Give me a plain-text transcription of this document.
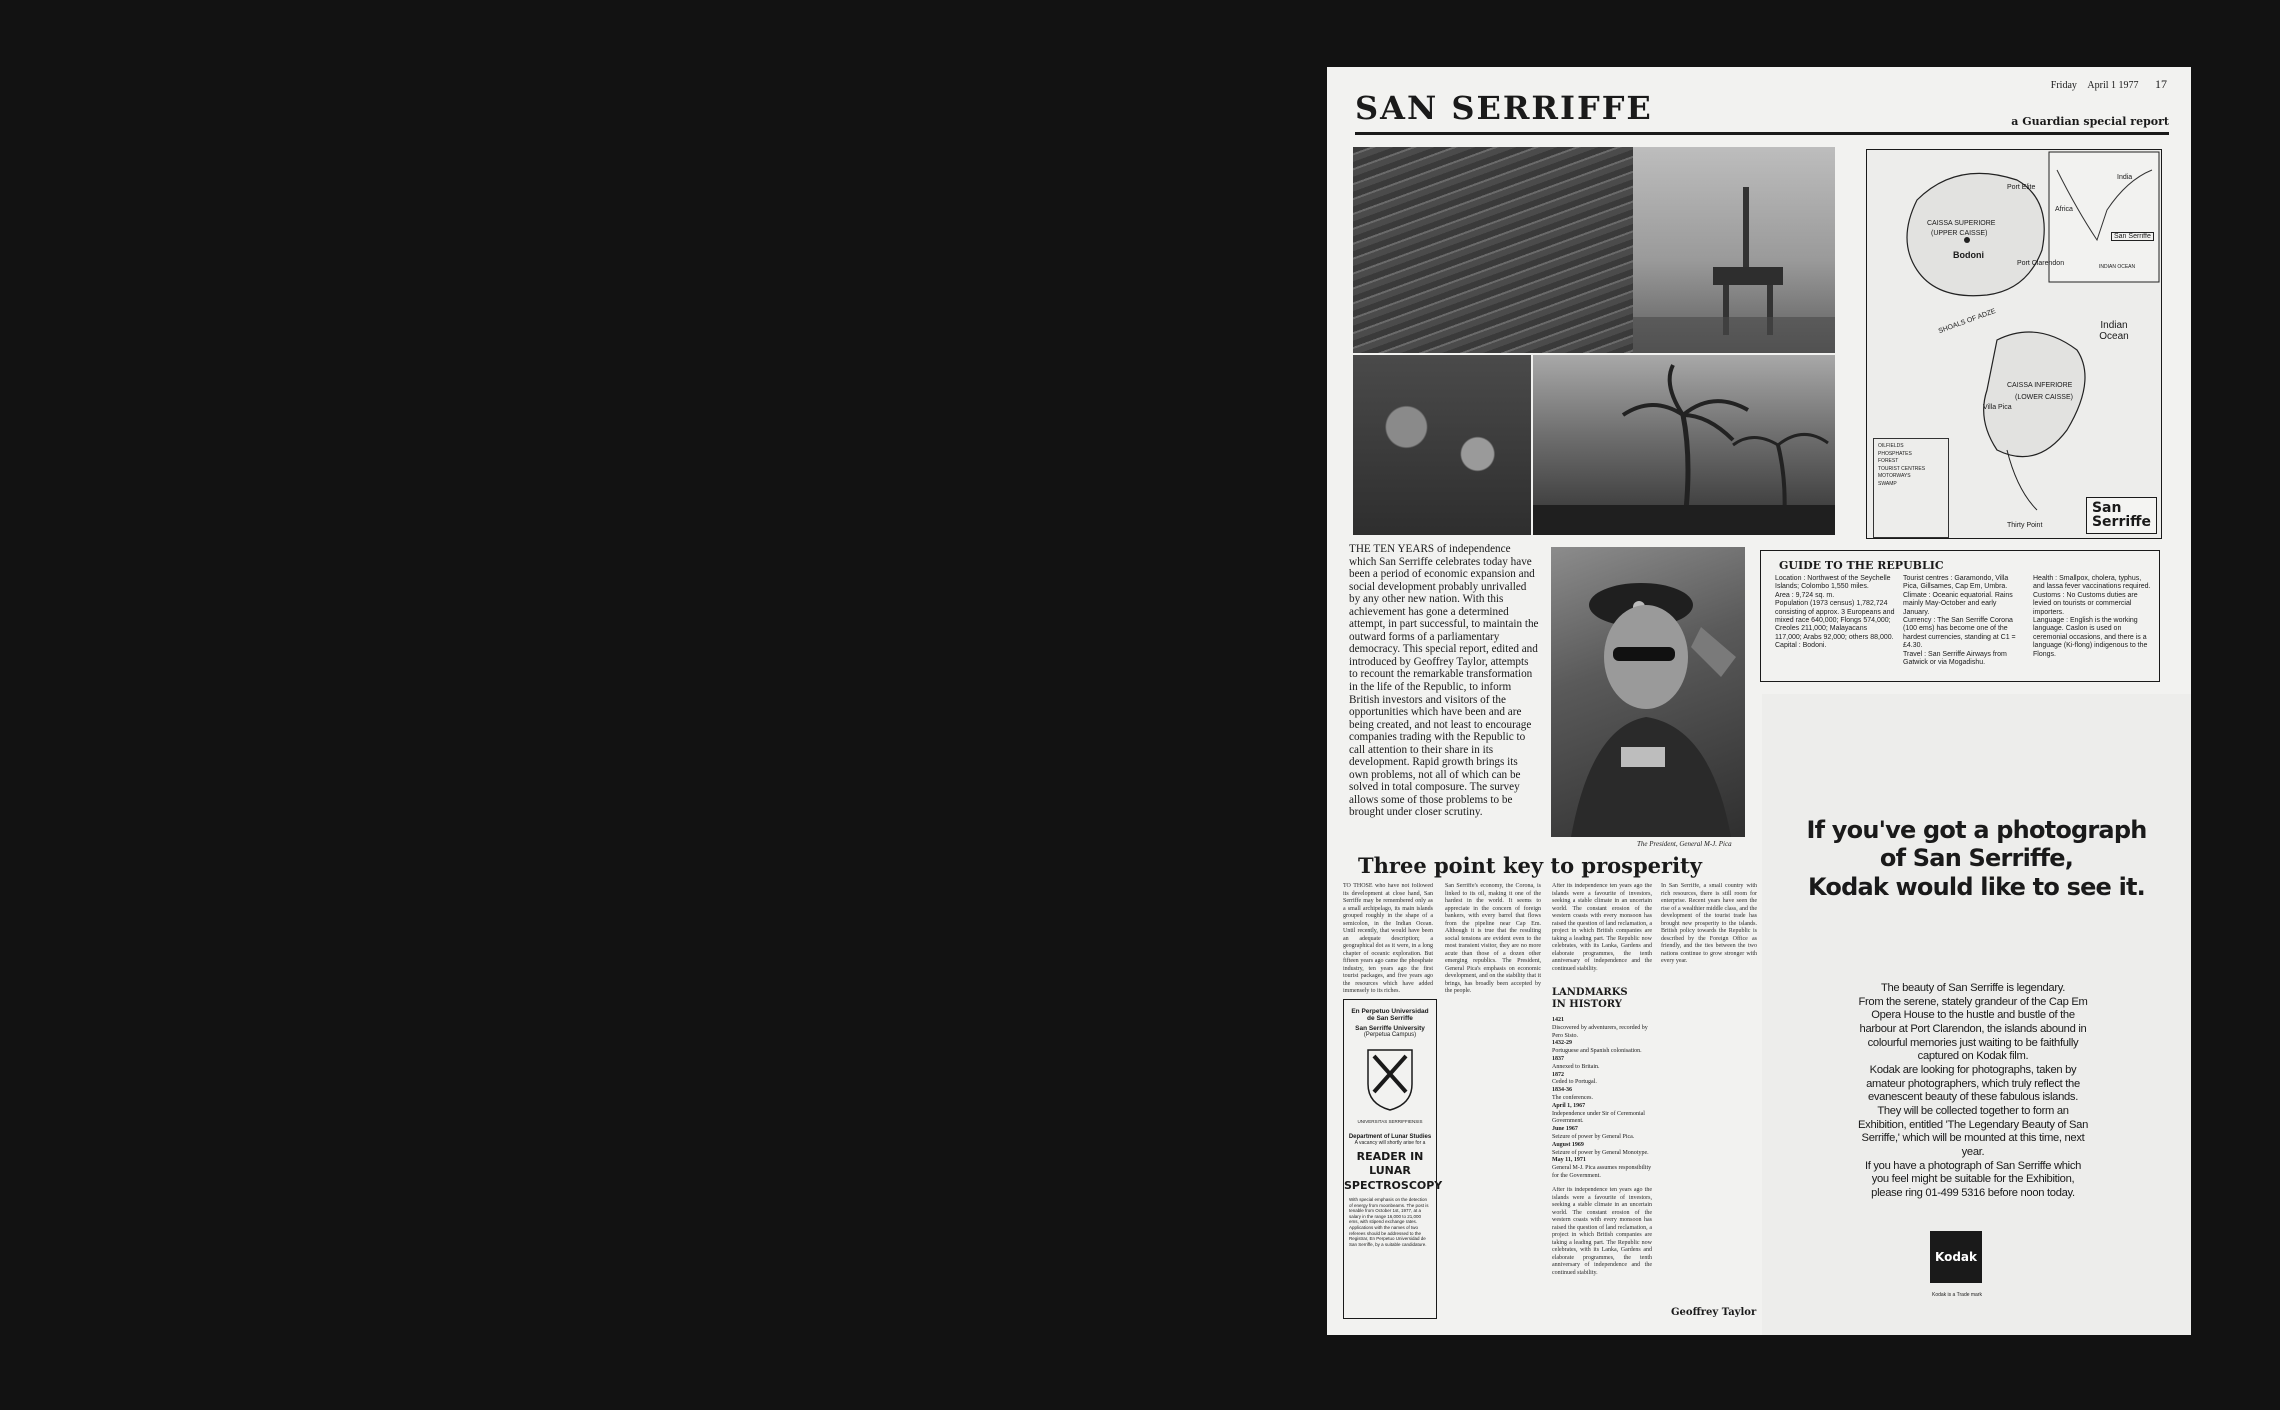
Friday April 1 1977 17
SAN SERRIFFE	a Guardian special report
CAISSA SUPERIORE
(UPPER CAISSE)
Bodoni
Port Elite
Port Clarendon
Africa
India
San Serriffe
INDIAN OCEAN
Indian Ocean
SHOALS OF ADZE
CAISSA INFERIORE
(LOWER CAISSE)
Villa Pica
Thirty Point
OILFIELDS
PHOSPHATES
FOREST
TOURIST CENTRES
MOTORWAYS
SWAMP
San
Serriffe
THE TEN YEARS of independence which San Serriffe celebrates today have been a period of economic expansion and social development probably unrivalled by any other new nation. With this achievement has gone a determined attempt, in part successful, to maintain the outward forms of a parliamentary democracy. This special report, edited and introduced by Geoffrey Taylor, attempts to recount the remarkable transformation in the life of the Republic, to inform British investors and visitors of the opportunities which have been and are being created, and not least to encourage companies trading with the Republic to call attention to their share in its development. Rapid growth brings its own problems, not all of which can be solved in total composure. The survey allows some of those problems to be brought under closer scrutiny.
The President, General M-J. Pica
GUIDE TO THE REPUBLIC
Location : Northwest of the Seychelle Islands; Colombo 1,550 miles.
Area : 9,724 sq. m.
Population (1973 census) 1,782,724 consisting of approx. 3 Europeans and mixed race 640,000; Flongs 574,000; Creoles 211,000; Malayacans 117,000; Arabs 92,000; others 88,000.
Capital : Bodoni.
Tourist centres : Garamondo, Villa Pica, Gillsames, Cap Em, Umbra.
Climate : Oceanic equatorial. Rains mainly May-October and early January.
Currency : The San Serriffe Corona (100 ems) has become one of the hardest currencies, standing at C1 = £4.30.
Travel : San Serriffe Airways from Gatwick or via Mogadishu.
Health : Smallpox, cholera, typhus, and lassa fever vaccinations required.
Customs : No Customs duties are levied on tourists or commercial importers.
Language : English is the working language. Caslon is used on ceremonial occasions, and there is a language (Ki-flong) indigenous to the Flongs.
Three point key to prosperity
TO THOSE who have not followed its development at close hand, San Serriffe may be remembered only as a small archipelago, its main islands grouped roughly in the shape of a semicolon, in the Indian Ocean. Until recently, that would have been an adequate description; a geographical dot as it were, in a long chapter of oceanic exploration. But fifteen years ago came the phosphate industry, ten years ago the first tourist packages, and five years ago the resources which have added immensely to its riches.
San Serriffe's economy, the Corona, is linked to its oil, making it one of the hardest in the world. It seems to appreciate in the concern of foreign bankers, with every barrel that flows from the pipeline near Cap Em. Although it is true that the resulting social tensions are evident even to the most transient visitor, they are no more acute than those of a dozen other emerging republics. The President, General Pica's emphasis on economic development, and on the stability that it brings, has broadly been accepted by the people.
After its independence ten years ago the islands were a favourite of investors, seeking a stable climate in an uncertain world. The constant erosion of the western coasts with every monsoon has raised the question of land reclamation, a project in which British companies are taking a leading part. The Republic now celebrates, with its Lanka, Gardens and elaborate programmes, the tenth anniversary of independence and the continued stability.
In San Serriffe, a small country with rich resources, there is still room for enterprise. Recent years have seen the rise of a wealthier middle class, and the development of the tourist trade has brought new prosperity to the islands. British policy towards the Republic is described by the Foreign Office as friendly, and the ties between the two nations continue to grow stronger with every year.
LANDMARKS
IN HISTORY
1421
Discovered by adventurers, recorded by Pero Sisto.
1432-29
Portuguese and Spanish colonisation.
1837
Annexed to Britain.
1872
Ceded to Portugal.
1834-36
The conferences.
April 1, 1967
Independence under Sir of Ceremonial Government.
June 1967
Seizure of power by General Pica.
August 1969
Seizure of power by General Monotype.
May 11, 1971
General M-J. Pica assumes responsibility for the Government.
After its independence ten years ago the islands were a favourite of investors, seeking a stable climate in an uncertain world. The constant erosion of the western coasts with every monsoon has raised the question of land reclamation, a project in which British companies are taking a leading part. The Republic now celebrates, with its Lanka, Gardens and elaborate programmes, the tenth anniversary of independence and the continued stability.
Geoffrey Taylor
En Perpetuo Universidad de San Serriffe
San Serriffe University
(Perpetua Campus)
UNIVERSITAS SERRIFFIENSIS
Department of Lunar Studies
A vacancy will shortly arise for a
READER IN
LUNAR
SPECTROSCOPY
With special emphasis on the detection of energy from moonbeams. The post is tenable from October 1st, 1977, at a salary in the range 16,000 to 21,000 ems, with stipend exchange rates. Applications with the names of two referees should be addressed to the Registrar, En Perpetuo Universidad de San Serriffe, by a suitable candidature.
If you've got a photograph
of San Serriffe,
Kodak would like to see it.
The beauty of San Serriffe is legendary.
From the serene, stately grandeur of the Cap Em Opera House to the hustle and bustle of the harbour at Port Clarendon, the islands abound in colourful memories just waiting to be faithfully captured on Kodak film.
Kodak are looking for photographs, taken by amateur photographers, which truly reflect the evanescent beauty of these fabulous islands.
They will be collected together to form an Exhibition, entitled 'The Legendary Beauty of San Serriffe,' which will be mounted at this time, next year.
If you have a photograph of San Serriffe which you feel might be suitable for the Exhibition, please ring 01-499 5316 before noon today.
Kodak
Kodak is a Trade mark
